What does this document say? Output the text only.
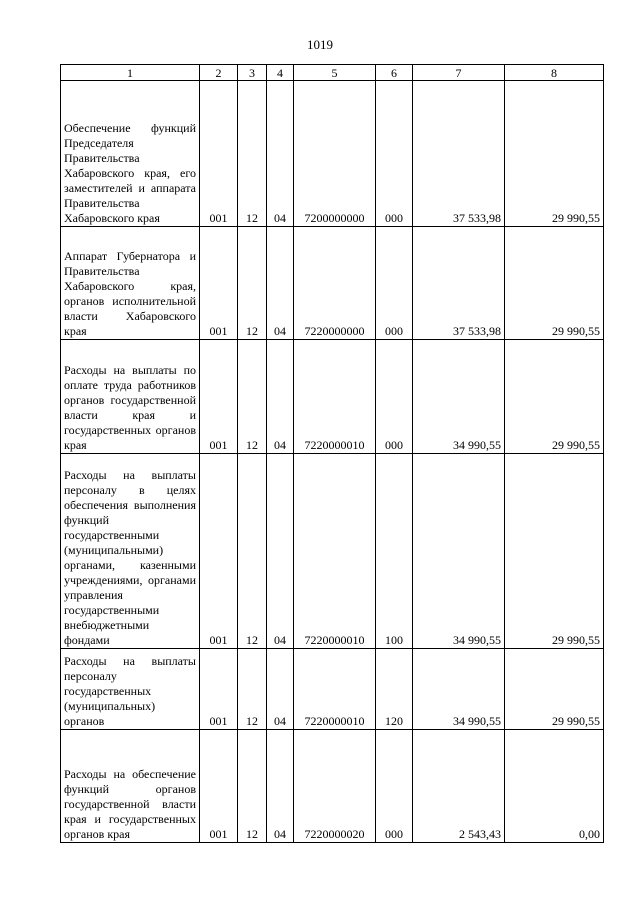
1019
1	2	3	4	5	6	7	8
Обеспечение функций Председателя Правительства Хабаровского края, его заместителей и аппарата Правительства Хабаровского края	001	12	04	7200000000	000	37 533,98	29 990,55
Аппарат Губернатора и Правительства Хабаровского края, органов исполнительной власти Хабаровского края	001	12	04	7220000000	000	37 533,98	29 990,55
Расходы на выплаты по оплате труда работников органов государственной власти края и государственных органов края	001	12	04	7220000010	000	34 990,55	29 990,55
Расходы на выплаты персоналу в целях обеспечения выполнения функций государственными (муниципальными) органами, казенными учреждениями, органами управления государственными внебюджетными фондами	001	12	04	7220000010	100	34 990,55	29 990,55
Расходы на выплаты персоналу государственных (муниципальных) органов	001	12	04	7220000010	120	34 990,55	29 990,55
Расходы на обеспечение функций органов государственной власти края и государственных органов края	001	12	04	7220000020	000	2 543,43	0,00
